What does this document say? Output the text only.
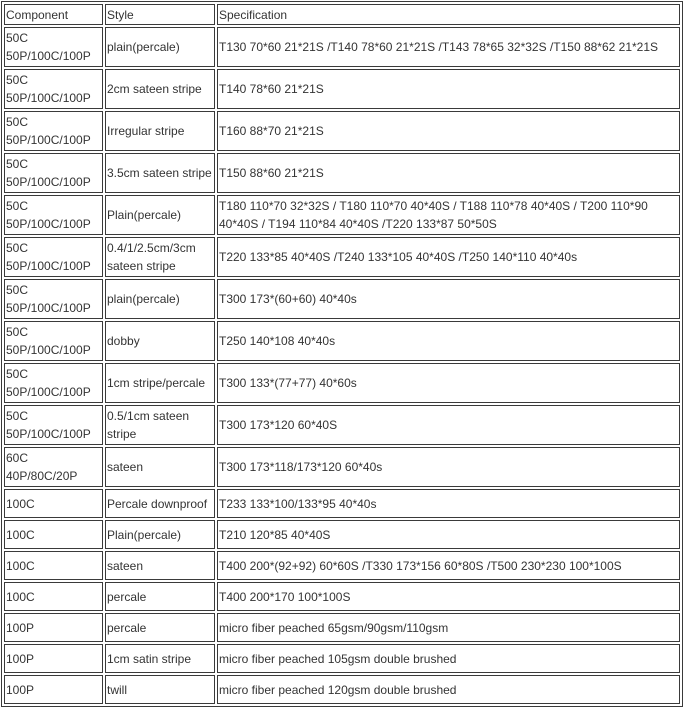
Component	Style	Specification

50C
50P/100C/100P	plain(percale)	T130 70*60 21*21S /T140 78*60 21*21S /T143 78*65 32*32S /T150 88*62 21*21S

50C
50P/100C/100P	2cm sateen stripe	T140 78*60 21*21S

50C
50P/100C/100P	Irregular stripe	T160 88*70 21*21S

50C
50P/100C/100P	3.5cm sateen stripe	T150 88*60 21*21S

50C
50P/100C/100P	Plain(percale)	T180 110*70 32*32S / T180 110*70 40*40S / T188 110*78 40*40S / T200 110*90 40*40S / T194 110*84 40*40S /T220 133*87 50*50S

50C
50P/100C/100P	0.4/1/2.5cm/3cm sateen stripe	T220 133*85 40*40S /T240 133*105 40*40S /T250 140*110 40*40s

50C
50P/100C/100P	plain(percale)	T300 173*(60+60) 40*40s

50C
50P/100C/100P	dobby	T250 140*108 40*40s

50C
50P/100C/100P	1cm stripe/percale	T300 133*(77+77) 40*60s

50C
50P/100C/100P	0.5/1cm sateen stripe	T300 173*120 60*40S

60C
40P/80C/20P	sateen	T300 173*118/173*120 60*40s
100C	Percale downproof	T233 133*100/133*95 40*40s
100C	Plain(percale)	T210 120*85 40*40S
100C	sateen	T400 200*(92+92) 60*60S /T330 173*156 60*80S /T500 230*230 100*100S
100C	percale	T400 200*170 100*100S
100P	percale	micro fiber peached 65gsm/90gsm/110gsm
100P	1cm satin stripe	micro fiber peached 105gsm double brushed
100P	twill	micro fiber peached 120gsm double brushed
